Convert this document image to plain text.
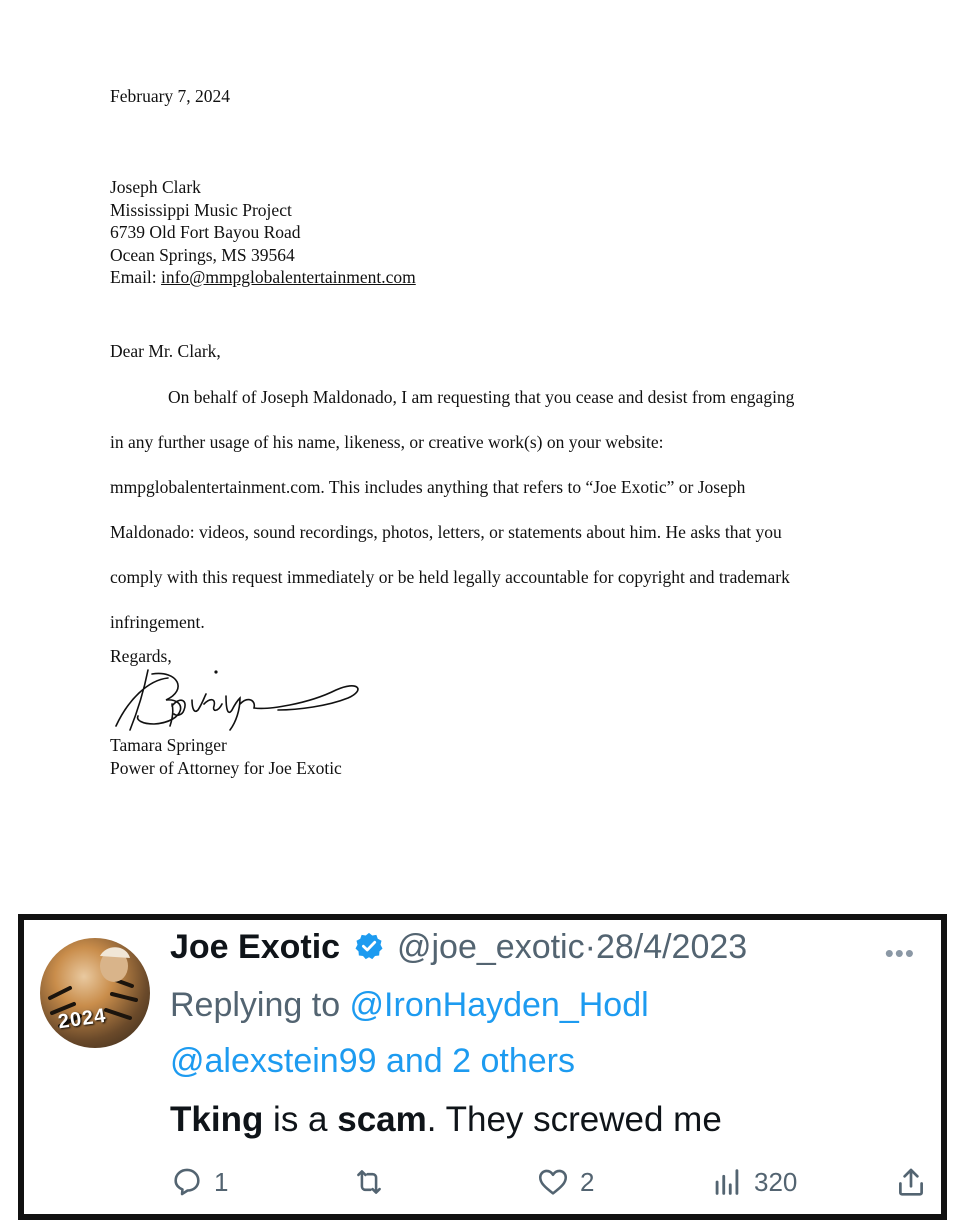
February 7, 2024
Joseph Clark
Mississippi Music Project
6739 Old Fort Bayou Road
Ocean Springs, MS 39564
Email: info@mmpglobalentertainment.com
Dear Mr. Clark,
On behalf of Joseph Maldonado, I am requesting that you cease and desist from engaging
in any further usage of his name, likeness, or creative work(s) on your website:
mmpglobalentertainment.com. This includes anything that refers to “Joe Exotic” or Joseph
Maldonado: videos, sound recordings, photos, letters, or statements about him. He asks that you
comply with this request immediately or be held legally accountable for copyright and trademark
infringement.
Regards,
Tamara Springer
Power of Attorney for Joe Exotic
2024
Joe Exotic @joe_exotic·28/4/2023	•••
Replying to @IronHayden_Hodl
@alexstein99 and 2 others
Tking is a scam. They screwed me
1	2	320
